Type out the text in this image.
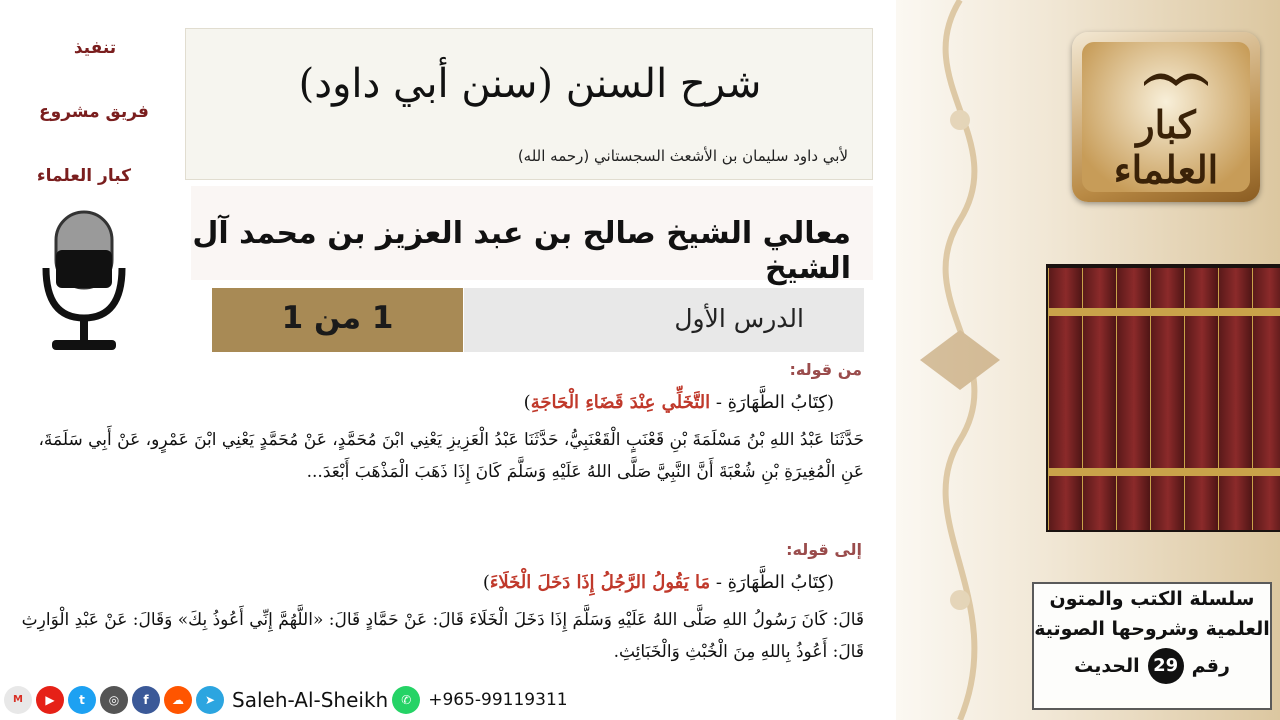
كبار العلماء
سلسلة الكتب والمتون
العلمية وشروحها الصوتية
رقم
29
الحديث
تنفيذ
فريق مشروع
كبار العلماء
شرح السنن (سنن أبي داود)
لأبي داود سليمان بن الأشعث السجستاني (رحمه الله)
معالي الشيخ صالح بن عبد العزيز بن محمد آل الشيخ
1 من 1	الدرس الأول
من قوله:
(كِتَابُ الطَّهَارَةِ - التَّخَلِّي عِنْدَ قَضَاءِ الْحَاجَةِ)
حَدَّثَنَا عَبْدُ اللهِ بْنُ مَسْلَمَةَ بْنِ قَعْنَبٍ الْقَعْنَبِيُّ، حَدَّثَنَا عَبْدُ الْعَزِيزِ يَعْنِي ابْنَ مُحَمَّدٍ، عَنْ مُحَمَّدٍ يَعْنِي ابْنَ عَمْرٍو، عَنْ أَبِي سَلَمَةَ، عَنِ الْمُغِيرَةِ بْنِ شُعْبَةَ أَنَّ النَّبِيَّ صَلَّى اللهُ عَلَيْهِ وَسَلَّمَ كَانَ إِذَا ذَهَبَ الْمَذْهَبَ أَبْعَدَ...
إلى قوله:
(كِتَابُ الطَّهَارَةِ - مَا يَقُولُ الرَّجُلُ إِذَا دَخَلَ الْخَلَاءَ)
قَالَ: كَانَ رَسُولُ اللهِ صَلَّى اللهُ عَلَيْهِ وَسَلَّمَ إِذَا دَخَلَ الْخَلَاءَ قَالَ: عَنْ حَمَّادٍ قَالَ: «اللَّهُمَّ إِنِّي أَعُوذُ بِكَ» وَقَالَ: عَنْ عَبْدِ الْوَارِثِ قَالَ: أَعُوذُ بِاللهِ مِنَ الْخُبْثِ وَالْخَبَائِثِ.
M	▶	t	◎	f	☁	➤ Saleh-Al-Sheikh	✆ +965-99119311
